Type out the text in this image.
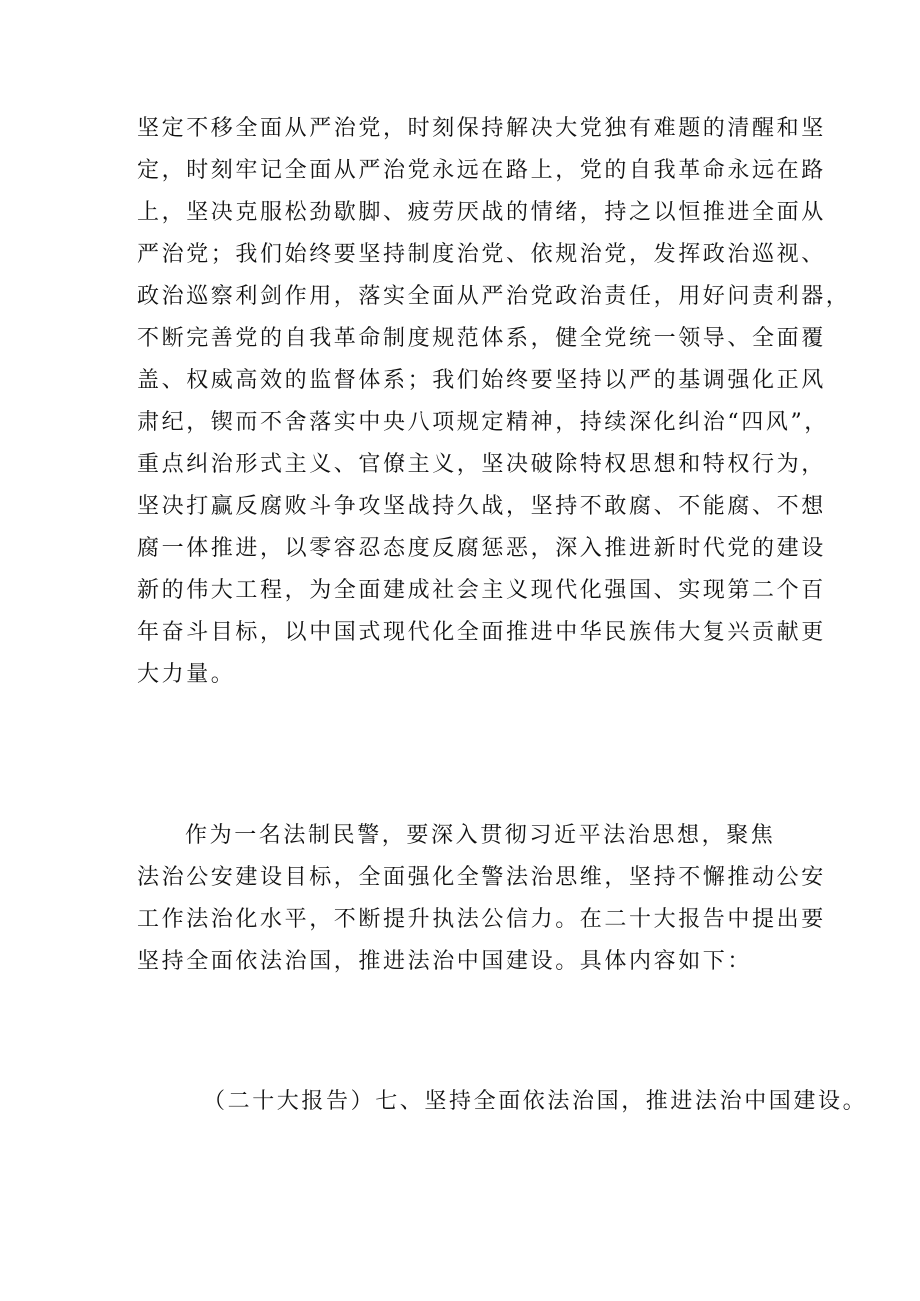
坚定不移全面从严治党，时刻保持解决大党独有难题的清醒和坚
定，时刻牢记全面从严治党永远在路上，党的自我革命永远在路
上，坚决克服松劲歇脚、疲劳厌战的情绪，持之以恒推进全面从
严治党；我们始终要坚持制度治党、依规治党，发挥政治巡视、
政治巡察利剑作用，落实全面从严治党政治责任，用好问责利器，
不断完善党的自我革命制度规范体系，健全党统一领导、全面覆
盖、权威高效的监督体系；我们始终要坚持以严的基调强化正风
肃纪，锲而不舍落实中央八项规定精神，持续深化纠治“四风”，
重点纠治形式主义、官僚主义，坚决破除特权思想和特权行为，
坚决打赢反腐败斗争攻坚战持久战，坚持不敢腐、不能腐、不想
腐一体推进，以零容忍态度反腐惩恶，深入推进新时代党的建设
新的伟大工程，为全面建成社会主义现代化强国、实现第二个百
年奋斗目标，以中国式现代化全面推进中华民族伟大复兴贡献更
大力量。
作为一名法制民警，要深入贯彻习近平法治思想，聚焦
法治公安建设目标，全面强化全警法治思维，坚持不懈推动公安
工作法治化水平，不断提升执法公信力。在二十大报告中提出要
坚持全面依法治国，推进法治中国建设。具体内容如下：
（二十大报告）七、坚持全面依法治国，推进法治中国建设。
